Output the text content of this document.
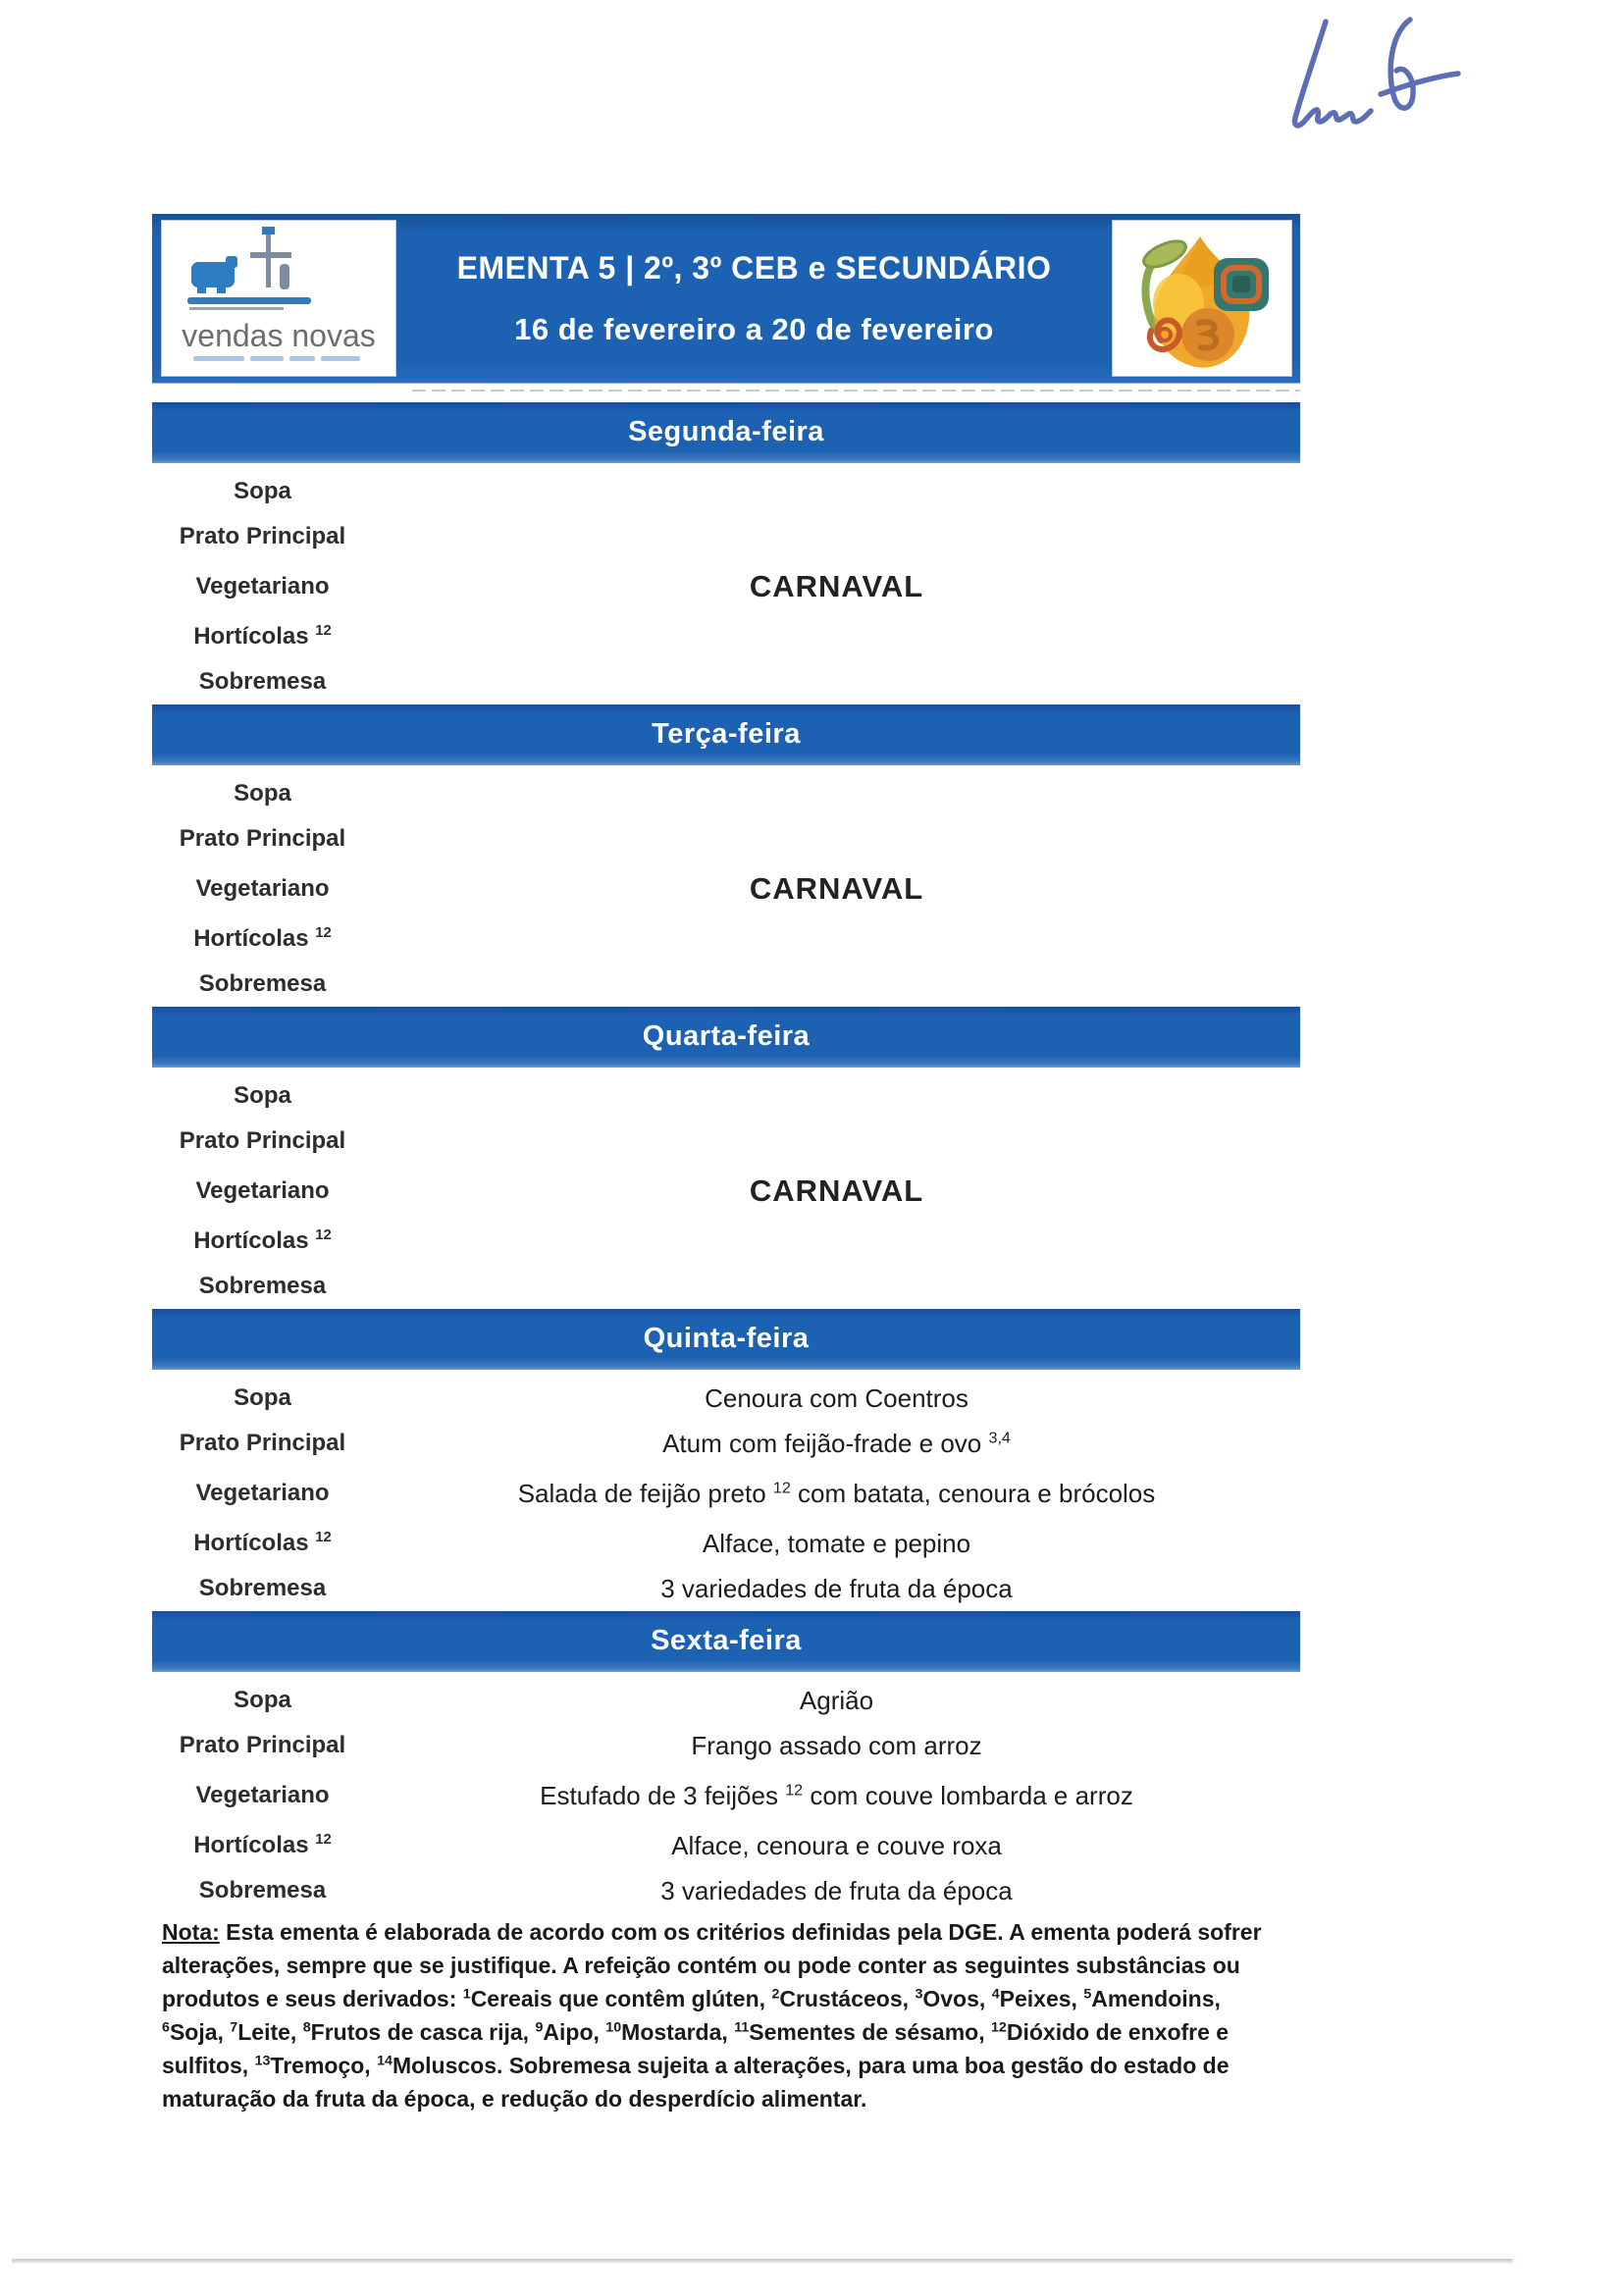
vendas novas
EMENTA 5 | 2º, 3º CEB e SECUNDÁRIO
16 de fevereiro a 20 de fevereiro
Segunda-feira
Sopa
Prato Principal
Vegetariano	CARNAVAL
Hortícolas $^{12}$
Sobremesa
Terça-feira
Sopa
Prato Principal
Vegetariano	CARNAVAL
Hortícolas $^{12}$
Sobremesa
Quarta-feira
Sopa
Prato Principal
Vegetariano	CARNAVAL
Hortícolas $^{12}$
Sobremesa
Quinta-feira
Sopa	Cenoura com Coentros
Prato Principal	Atum com feijão-frade e ovo $^{3,4}$
Vegetariano	Salada de feijão preto $^{12}$ com batata, cenoura e brócolos
Hortícolas $^{12}$	Alface, tomate e pepino
Sobremesa	3 variedades de fruta da época
Sexta-feira
Sopa	Agrião
Prato Principal	Frango assado com arroz
Vegetariano	Estufado de 3 feijões $^{12}$ com couve lombarda e arroz
Hortícolas $^{12}$	Alface, cenoura e couve roxa
Sobremesa	3 variedades de fruta da época
Nota: Esta ementa é elaborada de acordo com os critérios definidas pela DGE. A ementa poderá sofrer alterações, sempre que se justifique. A refeição contém ou pode conter as seguintes substâncias ou produtos e seus derivados: $^1$Cereais que contêm glúten, $^2$Crustáceos, $^3$Ovos, $^4$Peixes, $^5$Amendoins, $^6$Soja, $^7$Leite, $^8$Frutos de casca rija, $^9$Aipo, $^{10}$Mostarda, $^{11}$Sementes de sésamo, $^{12}$Dióxido de enxofre e sulfitos, $^{13}$Tremoço, $^{14}$Moluscos. Sobremesa sujeita a alterações, para uma boa gestão do estado de maturação da fruta da época, e redução do desperdício alimentar.
